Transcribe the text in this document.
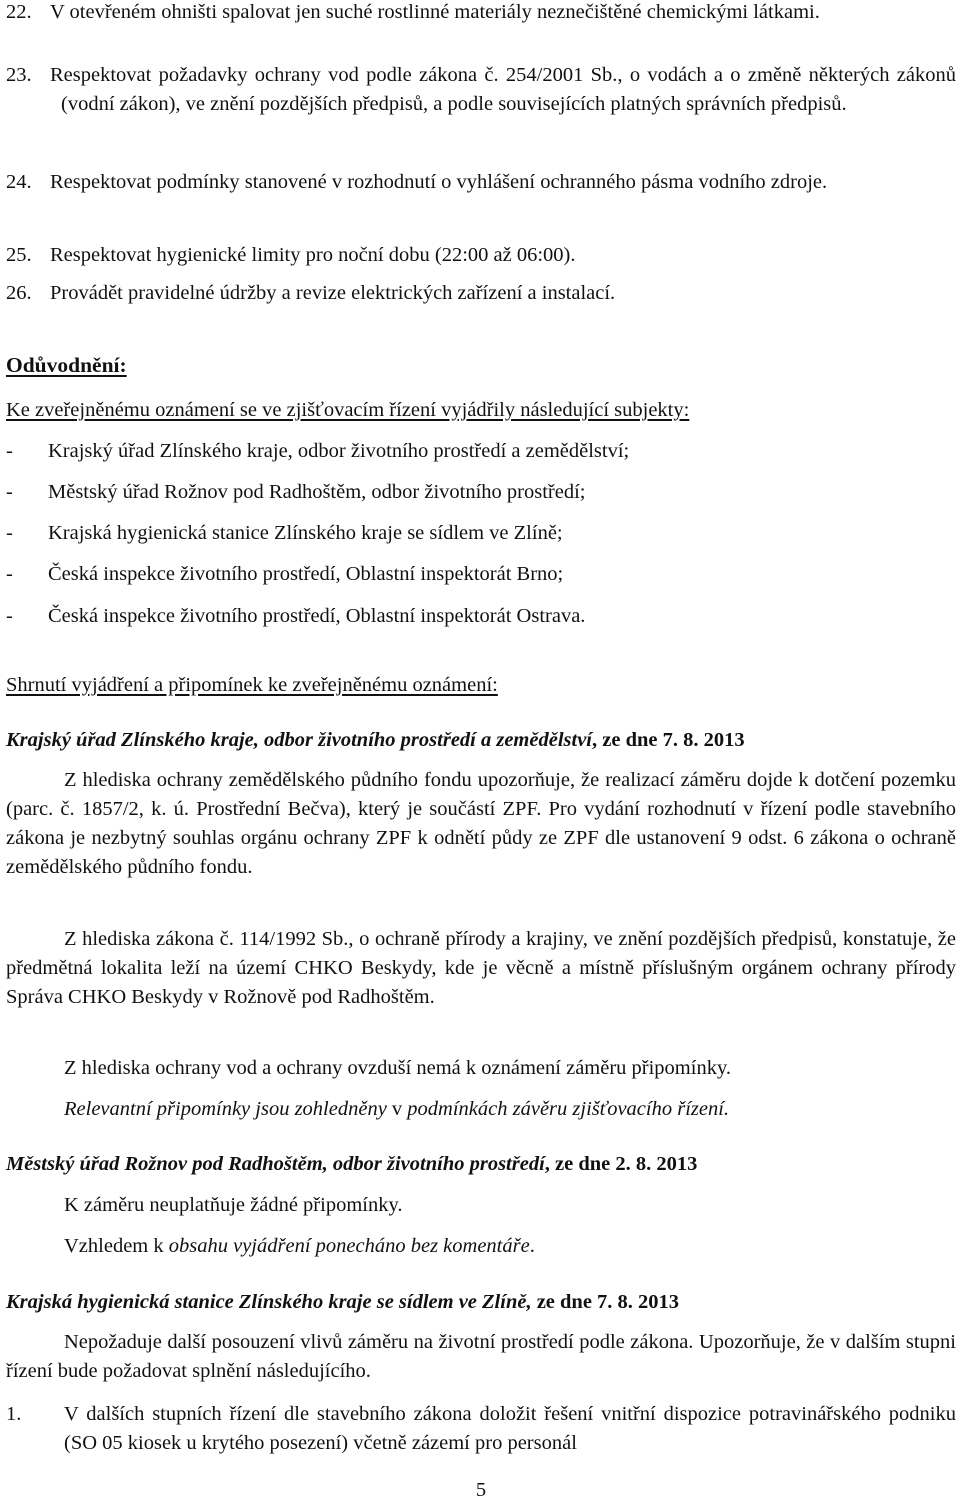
22. V otevřeném ohništi spalovat jen suché rostlinné materiály neznečištěné chemickými látkami.
23. Respektovat požadavky ochrany vod podle zákona č. 254/2001 Sb., o vodách a o změně některých zákonů (vodní zákon), ve znění pozdějších předpisů, a podle souvisejících platných správních předpisů.
24. Respektovat podmínky stanovené v rozhodnutí o vyhlášení ochranného pásma vodního zdroje.
25. Respektovat hygienické limity pro noční dobu (22:00 až 06:00).
26. Provádět pravidelné údržby a revize elektrických zařízení a instalací.
Odůvodnění:
Ke zveřejněnému oznámení se ve zjišťovacím řízení vyjádřily následující subjekty:
- Krajský úřad Zlínského kraje, odbor životního prostředí a zemědělství;
- Městský úřad Rožnov pod Radhoštěm, odbor životního prostředí;
- Krajská hygienická stanice Zlínského kraje se sídlem ve Zlíně;
- Česká inspekce životního prostředí, Oblastní inspektorát Brno;
- Česká inspekce životního prostředí, Oblastní inspektorát Ostrava.
Shrnutí vyjádření a připomínek ke zveřejněnému oznámení:
Krajský úřad Zlínského kraje, odbor životního prostředí a zemědělství, ze dne 7. 8. 2013
Z hlediska ochrany zemědělského půdního fondu upozorňuje, že realizací záměru dojde k dotčení pozemku (parc. č. 1857/2, k. ú. Prostřední Bečva), který je součástí ZPF. Pro vydání rozhodnutí v řízení podle stavebního zákona je nezbytný souhlas orgánu ochrany ZPF k odnětí půdy ze ZPF dle ustanovení 9 odst. 6 zákona o ochraně zemědělského půdního fondu.
Z hlediska zákona č. 114/1992 Sb., o ochraně přírody a krajiny, ve znění pozdějších předpisů, konstatuje, že předmětná lokalita leží na území CHKO Beskydy, kde je věcně a místně příslušným orgánem ochrany přírody Správa CHKO Beskydy v Rožnově pod Radhoštěm.
Z hlediska ochrany vod a ochrany ovzduší nemá k oznámení záměru připomínky.
Relevantní připomínky jsou zohledněny v podmínkách závěru zjišťovacího řízení.
Městský úřad Rožnov pod Radhoštěm, odbor životního prostředí, ze dne 2. 8. 2013
K záměru neuplatňuje žádné připomínky.
Vzhledem k obsahu vyjádření ponecháno bez komentáře.
Krajská hygienická stanice Zlínského kraje se sídlem ve Zlíně, ze dne 7. 8. 2013
Nepožaduje další posouzení vlivů záměru na životní prostředí podle zákona. Upozorňuje, že v dalším stupni řízení bude požadovat splnění následujícího.
1. V dalších stupních řízení dle stavebního zákona doložit řešení vnitřní dispozice potravinářského podniku (SO 05 kiosek u krytého posezení) včetně zázemí pro personál
5
